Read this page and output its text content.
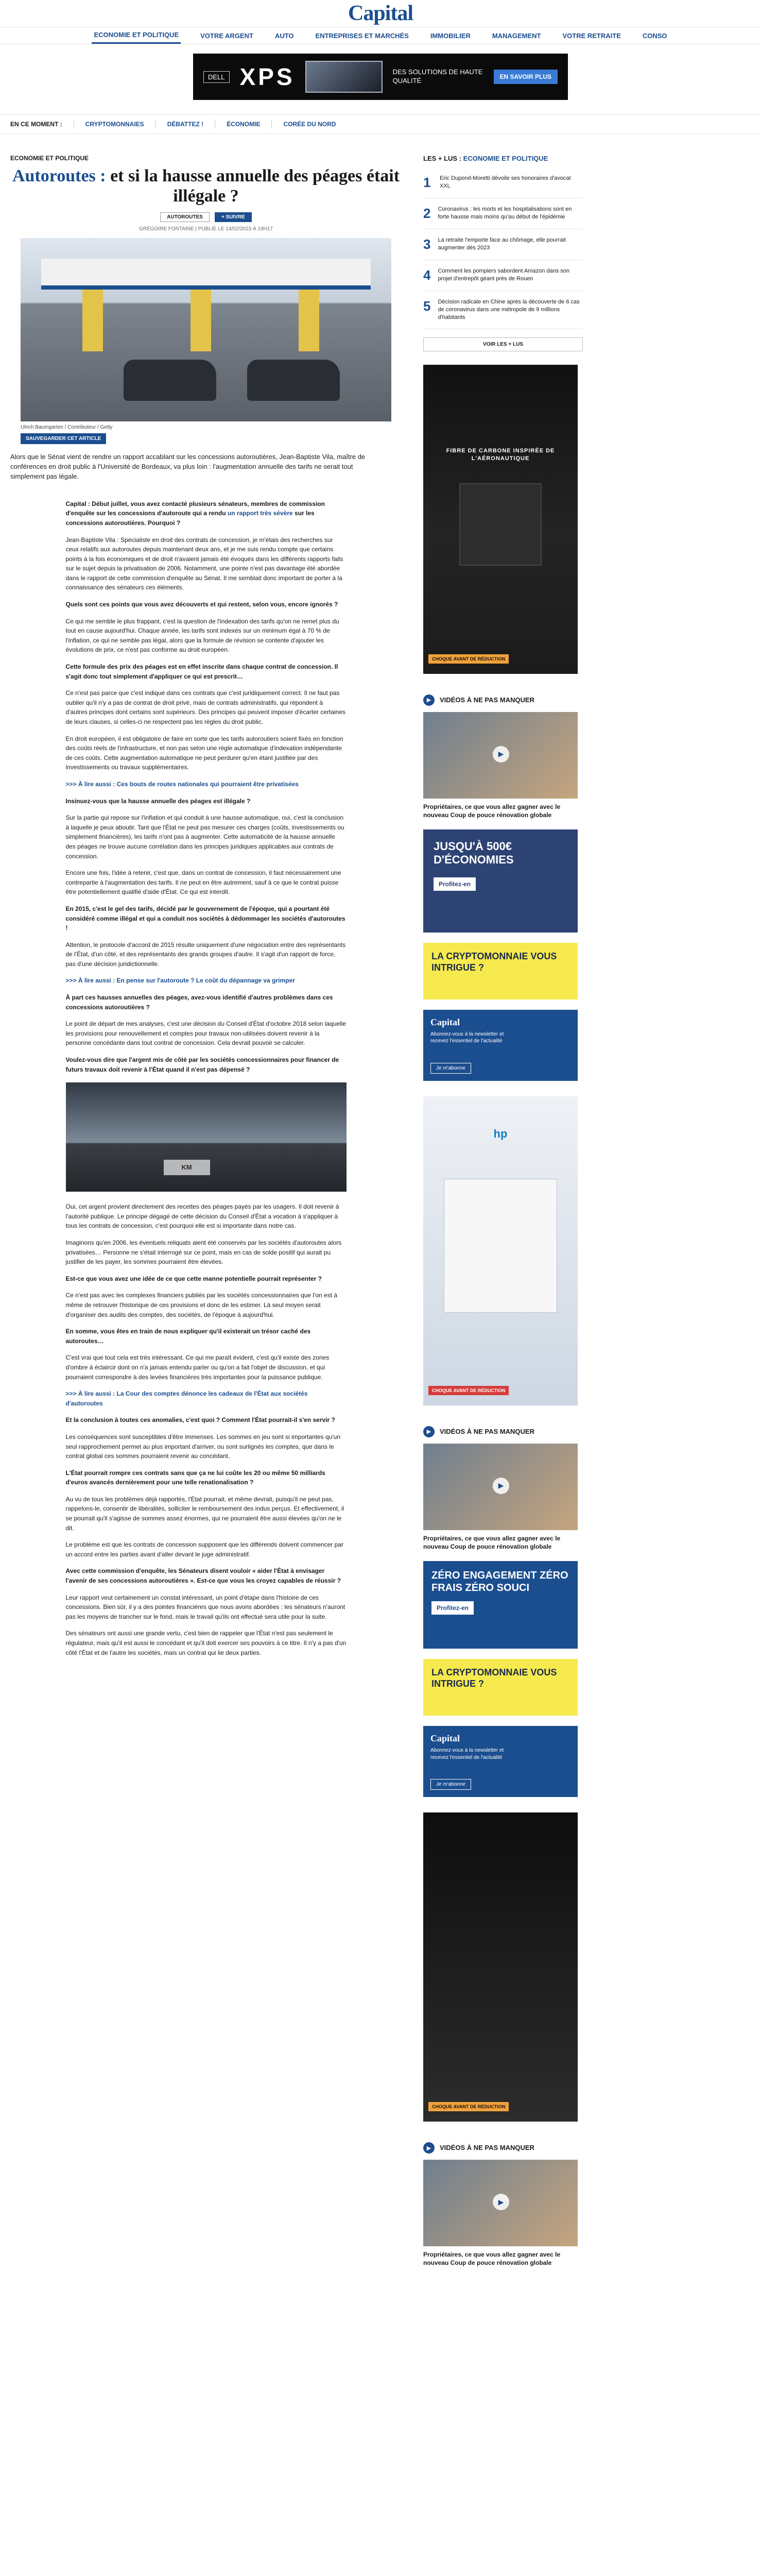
Capital
ECONOMIE ET POLITIQUE	VOTRE ARGENT	AUTO	ENTREPRISES ET MARCHÉS	IMMOBILIER	MANAGEMENT	VOTRE RETRAITE	CONSO
DELL XPS	DES SOLUTIONS DE HAUTE QUALITÉ	EN SAVOIR PLUS
EN CE MOMENT :	CRYPTOMONNAIES	DÉBATTEZ !	ÉCONOMIE	CORÉE DU NORD
ECONOMIE ET POLITIQUE
Autoroutes : et si la hausse annuelle des péages était illégale ?
AUTOROUTES	+ SUIVRE
GRÉGOIRE FONTAINE | PUBLIÉ LE 14/02/2023 À 19H17
Ulrich Baumgarten / Contributeur / Getty
SAUVEGARDER CET ARTICLE

Alors que le Sénat vient de rendre un rapport accablant sur les concessions autoroutières, Jean-Baptiste Vila, maître de conférences en droit public à l'Université de Bordeaux, va plus loin : l'augmentation annuelle des tarifs ne serait tout simplement pas légale.

Capital : Début juillet, vous avez contacté plusieurs sénateurs, membres de commission d'enquête sur les concessions d'autoroute qui a rendu un rapport très sévère sur les concessions autoroutières. Pourquoi ?

Jean-Baptiste Vila : Spécialiste en droit des contrats de concession, je m'étais des recherches sur ceux relatifs aux autoroutes depuis maintenant deux ans, et je me suis rendu compte que certains points à la fois économiques et de droit n'avaient jamais été évoqués dans les différents rapports faits sur le sujet depuis la privatisation de 2006. Notamment, une pointe n'est pas davantage été abordée dans le rapport de cette commission d'enquête au Sénat. Il me semblait donc important de porter à la connaissance des sénateurs ces éléments.

Quels sont ces points que vous avez découverts et qui restent, selon vous, encore ignorés ?

Ce qui me semble le plus frappant, c'est la question de l'indexation des tarifs qu'on ne remet plus du tout en cause aujourd'hui. Chaque année, les tarifs sont indexés sur un minimum égal à 70 % de l'inflation, ce qui ne semble pas légal, alors que la formule de révision se contente d'ajouter les évolutions de prix, ce n'est pas conforme au droit européen.

Cette formule des prix des péages est en effet inscrite dans chaque contrat de concession. Il s'agit donc tout simplement d'appliquer ce qui est prescrit…

Ce n'est pas parce que c'est indiqué dans ces contrats que c'est juridiquement correct. Il ne faut pas oublier qu'il n'y a pas de contrat de droit privé, mais de contrats administratifs, qui répondent à d'autres principes dont certains sont supérieurs. Des principes qui peuvent imposer d'écarter certaines de leurs clauses, si celles-ci ne respectent pas les règles du droit public.

En droit européen, il est obligatoire de faire en sorte que les tarifs autoroutiers soient fixés en fonction des coûts réels de l'infrastructure, et non pas selon une règle automatique d'indexation indépendante de ces coûts. Cette augmentation automatique ne peut perdurer qu'en étant justifiée par des investissements ou travaux supplémentaires.

>>> À lire aussi : Ces bouts de routes nationales qui pourraient être privatisées

Insinuez-vous que la hausse annuelle des péages est illégale ?

Sur la partie qui repose sur l'inflation et qui conduit à une hausse automatique, oui, c'est la conclusion à laquelle je peux aboutir. Tant que l'État ne peut pas mesurer ces charges (coûts, investissements ou simplement financières), les tarifs n'ont pas à augmenter. Cette automaticité de la hausse annuelle des péages ne trouve aucune corrélation dans les principes juridiques applicables aux contrats de concession.

Encore une fois, l'idée à retenir, c'est que, dans un contrat de concession, il faut nécessairement une contrepartie à l'augmentation des tarifs. Il ne peut en être autrement, sauf à ce que le contrat puisse être potentiellement qualifié d'aide d'État. Ce qui est interdit.

En 2015, c'est le gel des tarifs, décidé par le gouvernement de l'époque, qui a pourtant été considéré comme illégal et qui a conduit nos sociétés à dédommager les sociétés d'autoroutes !

Attention, le protocole d'accord de 2015 résulte uniquement d'une négociation entre des représentants de l'État, d'un côté, et des représentants des grands groupes d'autre. Il s'agit d'un rapport de force, pas d'une décision juridictionnelle.

>>> À lire aussi : En pense sur l'autoroute ? Le coût du dépannage va grimper

À part ces hausses annuelles des péages, avez-vous identifié d'autres problèmes dans ces concessions autoroutières ?

Le point de départ de mes analyses, c'est une décision du Conseil d'État d'octobre 2018 selon laquelle les provisions pour renouvellement et comptes pour travaux non-utilisées doivent revenir à la personne concédante dans tout contrat de concession. Cela devrait pouvoir se calculer.

Voulez-vous dire que l'argent mis de côté par les sociétés concessionnaires pour financer de futurs travaux doit revenir à l'État quand il n'est pas dépensé ?

KM

Oui, cet argent provient directement des recettes des péages payés par les usagers. Il doit revenir à l'autorité publique. Le principe dégagé de cette décision du Conseil d'État a vocation à s'appliquer à tous les contrats de concession, c'est pourquoi elle est si importante dans notre cas.

Imaginons qu'en 2006, les éventuels reliquats aient été conservés par les sociétés d'autoroutes alors privatisées… Personne ne s'était interrogé sur ce point, mais en cas de solde positif qui aurait pu justifier de les payer, les sommes pourraient être élevées.

Est-ce que vous avez une idée de ce que cette manne potentielle pourrait représenter ?

Ce n'est pas avec les complexes financiers publiés par les sociétés concessionnaires que l'on est à même de retrouver l'historique de ces provisions et donc de les estimer. Là seul moyen serait d'organiser des audits des comptes, des sociétés, de l'époque à aujourd'hui.

En somme, vous êtes en train de nous expliquer qu'il existerait un trésor caché des autoroutes…

C'est vrai que tout cela est très intéressant. Ce qui me paraît évident, c'est qu'il existe des zones d'ombre à éclaircir dont on n'a jamais entendu parler ou qu'on a fait l'objet de discussion, et qui pourraient correspondre à des levées financières très importantes pour la puissance publique.

>>> À lire aussi : La Cour des comptes dénonce les cadeaux de l'État aux sociétés d'autoroutes

Et la conclusion à toutes ces anomalies, c'est quoi ? Comment l'État pourrait-il s'en servir ?

Les conséquences sont susceptibles d'être immenses. Les sommes en jeu sont si importantes qu'un seul rapprochement permet au plus important d'arriver, ou sont surlignés les comptes, que dans le contrat global ces sommes pourraient revenir au concédant.

L'État pourrait rompre ces contrats sans que ça ne lui coûte les 20 ou même 50 milliards d'euros avancés dernièrement pour une telle renationalisation ?

Au vu de tous les problèmes déjà rapportés, l'État pourrait, et même devrait, puisqu'il ne peut pas, rappelons-le, consentir de libéralités, solliciter le remboursement des indus perçus. Et effectivement, il se pourrait qu'il s'agisse de sommes assez énormes, qui ne pourraient être aussi élevées qu'on ne le dit.

Le problème est que les contrats de concession supposent que les différends doivent commencer par un accord entre les parties avant d'aller devant le juge administratif.

Avec cette commission d'enquête, les Sénateurs disent vouloir « aider l'État à envisager l'avenir de ses concessions autoroutières ». Est-ce que vous les croyez capables de réussir ?

Leur rapport veut certainement un constat intéressant, un point d'étape dans l'histoire de ces concessions. Bien sûr, il y a des pointes financières que nous avons abordées : les sénateurs n'auront pas les moyens de trancher sur le fond, mais le travail qu'ils ont effectué sera utile pour la suite.

Des sénateurs ont aussi une grande vertu, c'est bien de rappeler que l'État n'est pas seulement le régulateur, mais qu'il est aussi le concédant et qu'il doit exercer ses pouvoirs à ce titre. Il n'y a pas d'un côté l'État et de l'autre les sociétés, mais un contrat qui lie deux parties.

LES + LUS : ECONOMIE ET POLITIQUE
1	Eric Dupond-Moretti dévoile ses honoraires d'avocat XXL
2 Coronavirus : les morts et les hospitalisations sont en forte hausse mais moins qu'au début de l'épidémie
3 La retraite l'emporte face au chômage, elle pourrait augmenter dès 2023
4 Comment les pompiers sabordent Amazon dans son projet d'entrepôt géant près de Rouen
5 Décision radicale en Chine après la découverte de 6 cas de coronavirus dans une métropole de 9 millions d'habitants
VOIR LES + LUS
FIBRE DE CARBONE INSPIRÉE DE L'AÉRONAUTIQUE
CHOQUE AVANT DE RÉDUCTION
▶	VIDÉOS À NE PAS MANQUER
▶
Propriétaires, ce que vous allez gagner avec le nouveau Coup de pouce rénovation globale
JUSQU'À 500€ D'ÉCONOMIES
Profitez-en
LA CRYPTOMONNAIE VOUS INTRIGUE ?
Capital
Abonnez-vous à la newsletter et recevez l'essentiel de l'actualité
Je m'abonne
hp
CHOQUE AVANT DE RÉDUCTION
▶	VIDÉOS À NE PAS MANQUER
▶
Propriétaires, ce que vous allez gagner avec le nouveau Coup de pouce rénovation globale
ZÉRO ENGAGEMENT ZÉRO FRAIS ZÉRO SOUCI
Profitez-en
LA CRYPTOMONNAIE VOUS INTRIGUE ?
Capital
Abonnez-vous à la newsletter et recevez l'essentiel de l'actualité
Je m'abonne
CHOQUE AVANT DE RÉDUCTION
▶	VIDÉOS À NE PAS MANQUER
▶
Propriétaires, ce que vous allez gagner avec le nouveau Coup de pouce rénovation globale
